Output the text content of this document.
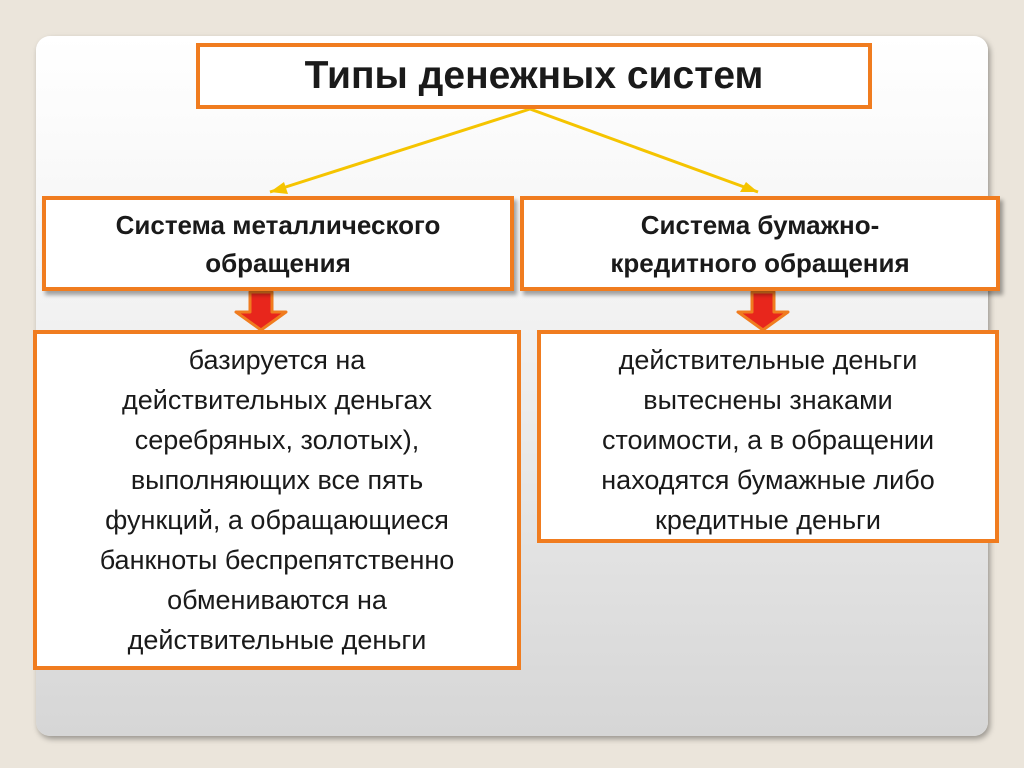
Типы денежных систем
Система металлического
обращения
Система бумажно-
кредитного обращения
базируется на
действительных деньгах
серебряных, золотых),
выполняющих все пять
функций, а обращающиеся
банкноты беспрепятственно
обмениваются на
действительные деньги
действительные деньги
вытеснены знаками
стоимости, а в обращении
находятся бумажные либо
кредитные деньги
